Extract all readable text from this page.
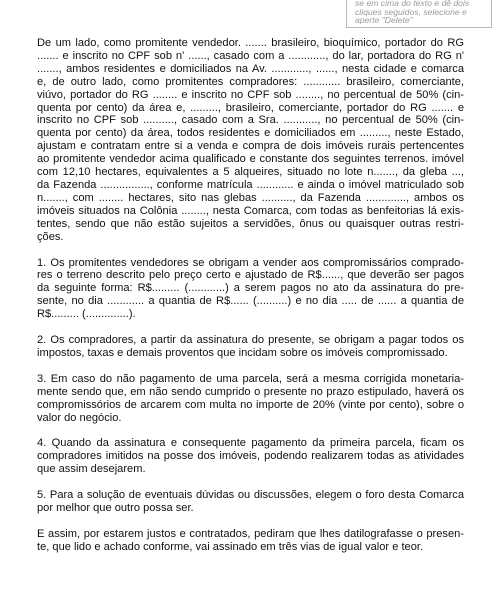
se em cima do texto e dê dois
cliques seguidos, selecione e
aperte "Delete"
De um lado, como promitente vendedor. ....... brasileiro, bioquímico, portador do RG
....... e inscrito no CPF sob n' ......, casado com a ............, do lar, portadora do RG n'
......., ambos residentes e domiciliados na Av. ............, ......, nesta cidade e comarca
e, de outro lado, como promitentes compradores: ............ brasileiro, comerciante,
viúvo, portador do RG ........ e inscrito no CPF sob ........, no percentual de 50% (cin-
quenta por cento) da área e, ........., brasileiro, comerciante, portador do RG ....... e
inscrito no CPF sob .........., casado com a Sra. ..........., no percentual de 50% (cin-
quenta por cento) da área, todos residentes e domiciliados em ........., neste Estado,
ajustam e contratam entre si a venda e compra de dois imóveis rurais pertencentes
ao promitente vendedor acima qualificado e constante dos seguintes terrenos. imóvel
com 12,10 hectares, equivalentes a 5 alqueires, situado no lote n......., da gleba ...,
da Fazenda ................, conforme matrícula ............ e ainda o imóvel matriculado sob
n......., com ........ hectares, sito nas glebas .........., da Fazenda ............., ambos os
imóveis situados na Colônia ........, nesta Comarca, com todas as benfeitorias lá exis-
tentes, sendo que não estão sujeitos a servidões, ônus ou quaisquer outras restri-
ções.
1. Os promitentes vendedores se obrigam a vender aos compromissários comprado-
res o terreno descrito pelo preço certo e ajustado de R$......, que deverão ser pagos
da seguinte forma: R$......... (............) a serem pagos no ato da assinatura do pre-
sente, no dia ............ a quantia de R$...... (..........) e no dia ..... de ...... a quantia de
R$......... (..............).
2. Os compradores, a partir da assinatura do presente, se obrigam a pagar todos os
impostos, taxas e demais proventos que incidam sobre os imóveis compromissado.
3. Em caso do não pagamento de uma parcela, será a mesma corrigida monetaria-
mente sendo que, em não sendo cumprido o presente no prazo estipulado, haverá os
compromissórios de arcarem com multa no importe de 20% (vinte por cento), sobre o
valor do negócio.
4. Quando da assinatura e consequente pagamento da primeira parcela, ficam os
compradores imitidos na posse dos imóveis, podendo realizarem todas as atividades
que assim desejarem.
5. Para a solução de eventuais dúvidas ou discussões, elegem o foro desta Comarca
por melhor que outro possa ser.
E assim, por estarem justos e contratados, pediram que lhes datilografasse o presen-
te, que lido e achado conforme, vai assinado em três vias de igual valor e teor.
